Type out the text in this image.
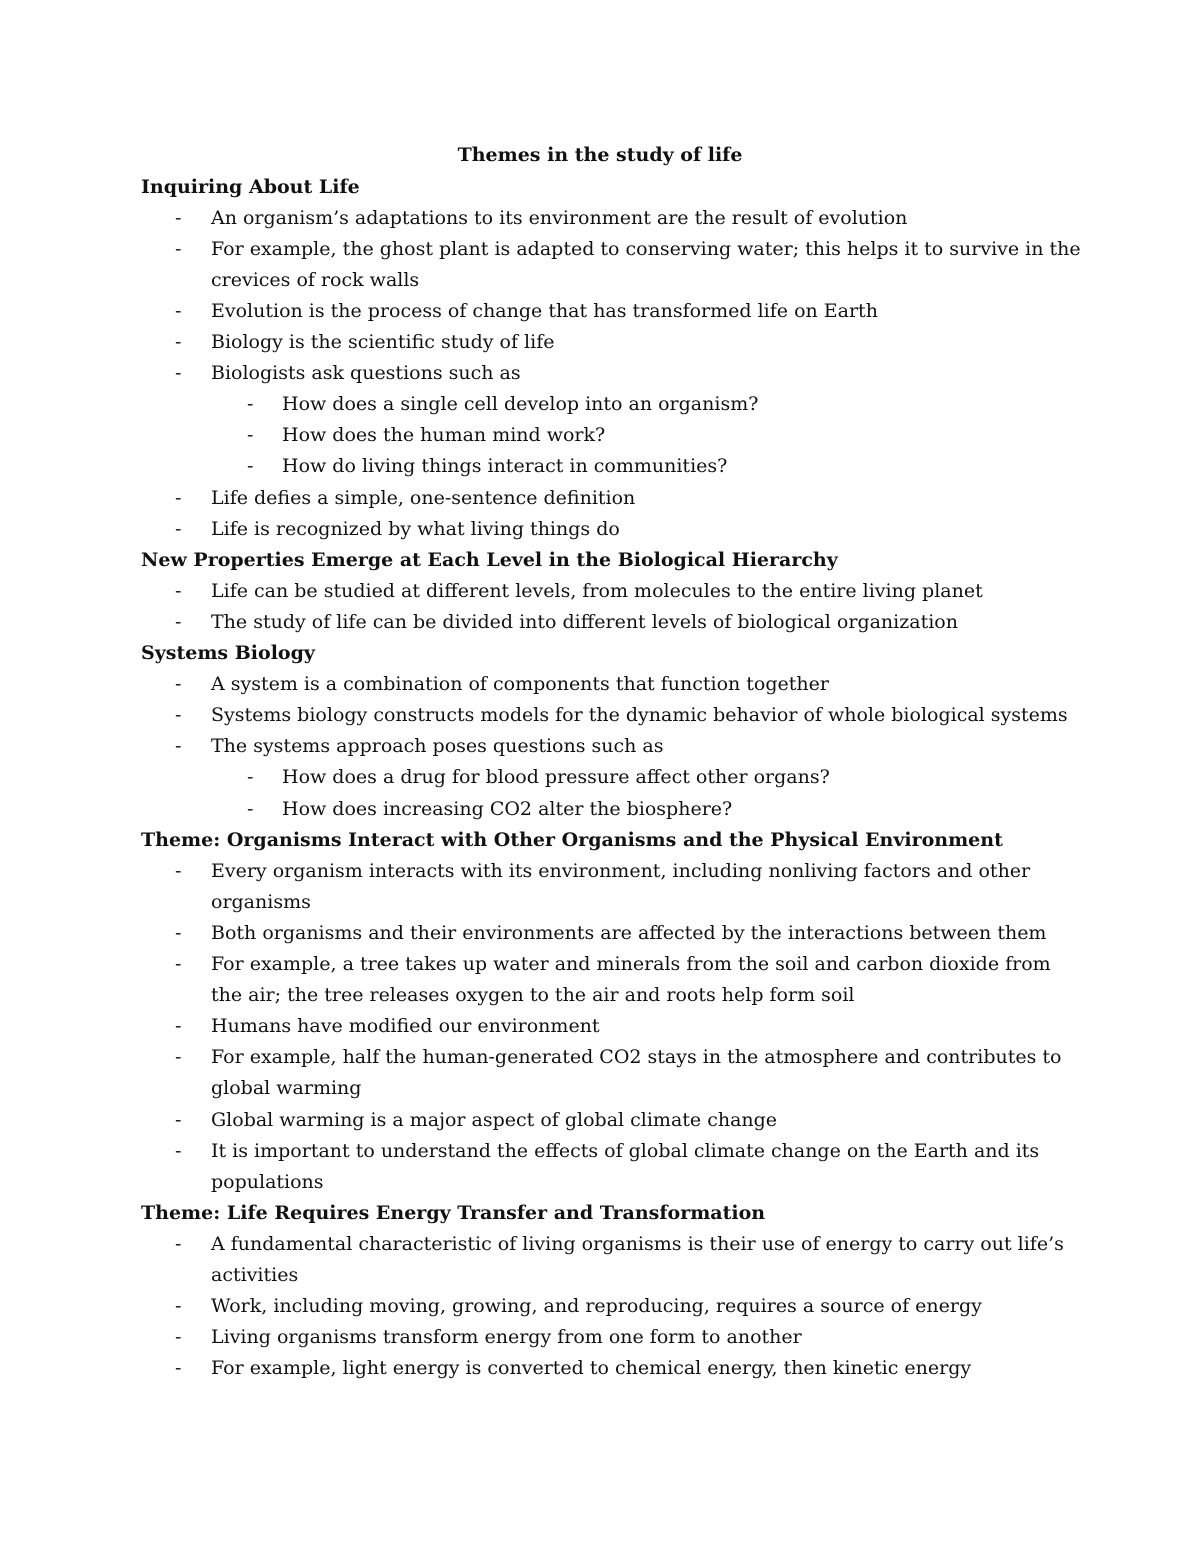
Themes in the study of life
Inquiring About Life
- An organism’s adaptations to its environment are the result of evolution
- For example, the ghost plant is adapted to conserving water; this helps it to survive in the
crevices of rock walls
- Evolution is the process of change that has transformed life on Earth
- Biology is the scientific study of life
- Biologists ask questions such as
- How does a single cell develop into an organism?
- How does the human mind work?
- How do living things interact in communities?
- Life defies a simple, one-sentence definition
- Life is recognized by what living things do
New Properties Emerge at Each Level in the Biological Hierarchy
- Life can be studied at different levels, from molecules to the entire living planet
- The study of life can be divided into different levels of biological organization
Systems Biology
- A system is a combination of components that function together
- Systems biology constructs models for the dynamic behavior of whole biological systems
- The systems approach poses questions such as
- How does a drug for blood pressure affect other organs?
- How does increasing CO2 alter the biosphere?
Theme: Organisms Interact with Other Organisms and the Physical Environment
- Every organism interacts with its environment, including nonliving factors and other
organisms
- Both organisms and their environments are affected by the interactions between them
- For example, a tree takes up water and minerals from the soil and carbon dioxide from
the air; the tree releases oxygen to the air and roots help form soil
- Humans have modified our environment
- For example, half the human-generated CO2 stays in the atmosphere and contributes to
global warming
- Global warming is a major aspect of global climate change
- It is important to understand the effects of global climate change on the Earth and its
populations
Theme: Life Requires Energy Transfer and Transformation
- A fundamental characteristic of living organisms is their use of energy to carry out life’s
activities
- Work, including moving, growing, and reproducing, requires a source of energy
- Living organisms transform energy from one form to another
- For example, light energy is converted to chemical energy, then kinetic energy
